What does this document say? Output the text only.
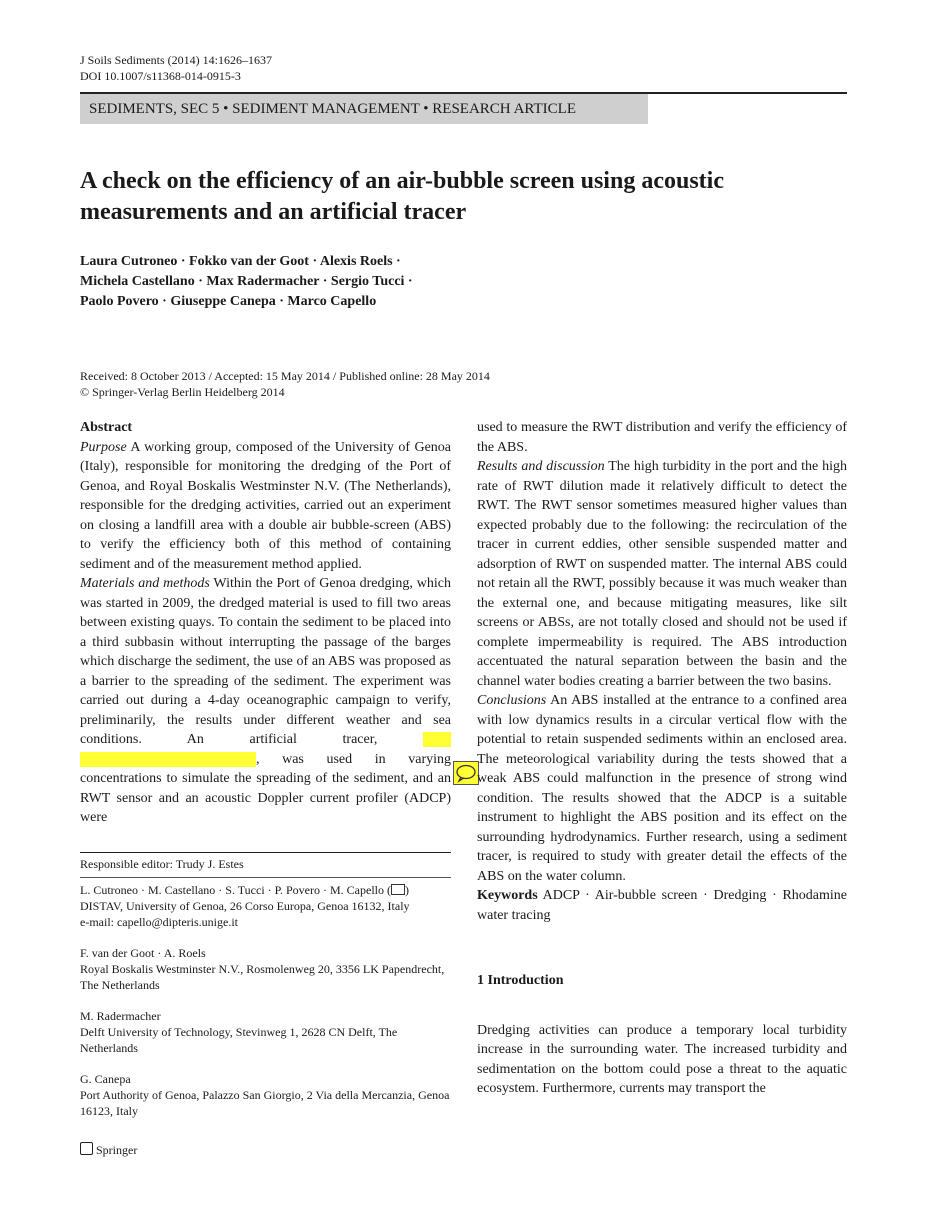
J Soils Sediments (2014) 14:1626–1637
DOI 10.1007/s11368-014-0915-3
SEDIMENTS, SEC 5 • SEDIMENT MANAGEMENT • RESEARCH ARTICLE
A check on the efficiency of an air-bubble screen using acoustic measurements and an artificial tracer
Laura Cutroneo · Fokko van der Goot · Alexis Roels ·
Michela Castellano · Max Radermacher · Sergio Tucci ·
Paolo Povero · Giuseppe Canepa · Marco Capello
Received: 8 October 2013 / Accepted: 15 May 2014 / Published online: 28 May 2014
© Springer-Verlag Berlin Heidelberg 2014

Abstract

Purpose A working group, composed of the University of Genoa (Italy), responsible for monitoring the dredging of the Port of Genoa, and Royal Boskalis Westminster N.V. (The Netherlands), responsible for the dredging activities, carried out an experiment on closing a landfill area with a double air bubble-screen (ABS) to verify the efficiency both of this method of containing sediment and of the measurement method applied.

Materials and methods Within the Port of Genoa dredging, which was started in 2009, the dredged material is used to fill two areas between existing quays. To contain the sediment to be placed into a third subbasin without interrupting the passage of the barges which discharge the sediment, the use of an ABS was proposed as a barrier to the spreading of the sediment. The experiment was carried out during a 4-day oceanographic campaign to verify, preliminarily, the results under different weather and sea conditions. An artificial tracer, , was used in varying concentrations to simulate the spreading of the sediment, and an RWT sensor and an acoustic Doppler current profiler (ADCP) were

Responsible editor: Trudy J. Estes
L. Cutroneo · M. Castellano · S. Tucci · P. Povero · M. Capello ( )
DISTAV, University of Genoa, 26 Corso Europa, Genoa 16132, Italy
e-mail: capello@dipteris.unige.it
F. van der Goot · A. Roels
Royal Boskalis Westminster N.V., Rosmolenweg 20, 3356 LK Papendrecht, The Netherlands
M. Radermacher
Delft University of Technology, Stevinweg 1, 2628 CN Delft, The Netherlands
G. Canepa
Port Authority of Genoa, Palazzo San Giorgio, 2 Via della Mercanzia, Genoa 16123, Italy

used to measure the RWT distribution and verify the efficiency of the ABS.

Results and discussion The high turbidity in the port and the high rate of RWT dilution made it relatively difficult to detect the RWT. The RWT sensor sometimes measured higher values than expected probably due to the following: the recirculation of the tracer in current eddies, other sensible suspended matter and adsorption of RWT on suspended matter. The internal ABS could not retain all the RWT, possibly because it was much weaker than the external one, and because mitigating measures, like silt screens or ABSs, are not totally closed and should not be used if complete impermeability is required. The ABS introduction accentuated the natural separation between the basin and the channel water bodies creating a barrier between the two basins.

Conclusions An ABS installed at the entrance to a confined area with low dynamics results in a circular vertical flow with the potential to retain suspended sediments within an enclosed area. The meteorological variability during the tests showed that a weak ABS could malfunction in the presence of strong wind condition. The results showed that the ADCP is a suitable instrument to highlight the ABS position and its effect on the surrounding hydrodynamics. Further research, using a sediment tracer, is required to study with greater detail the effects of the ABS on the water column.

Keywords ADCP · Air-bubble screen · Dredging · Rhodamine water tracing

1 Introduction

Dredging activities can produce a temporary local turbidity increase in the surrounding water. The increased turbidity and sedimentation on the bottom could pose a threat to the aquatic ecosystem. Furthermore, currents may transport the

Springer
